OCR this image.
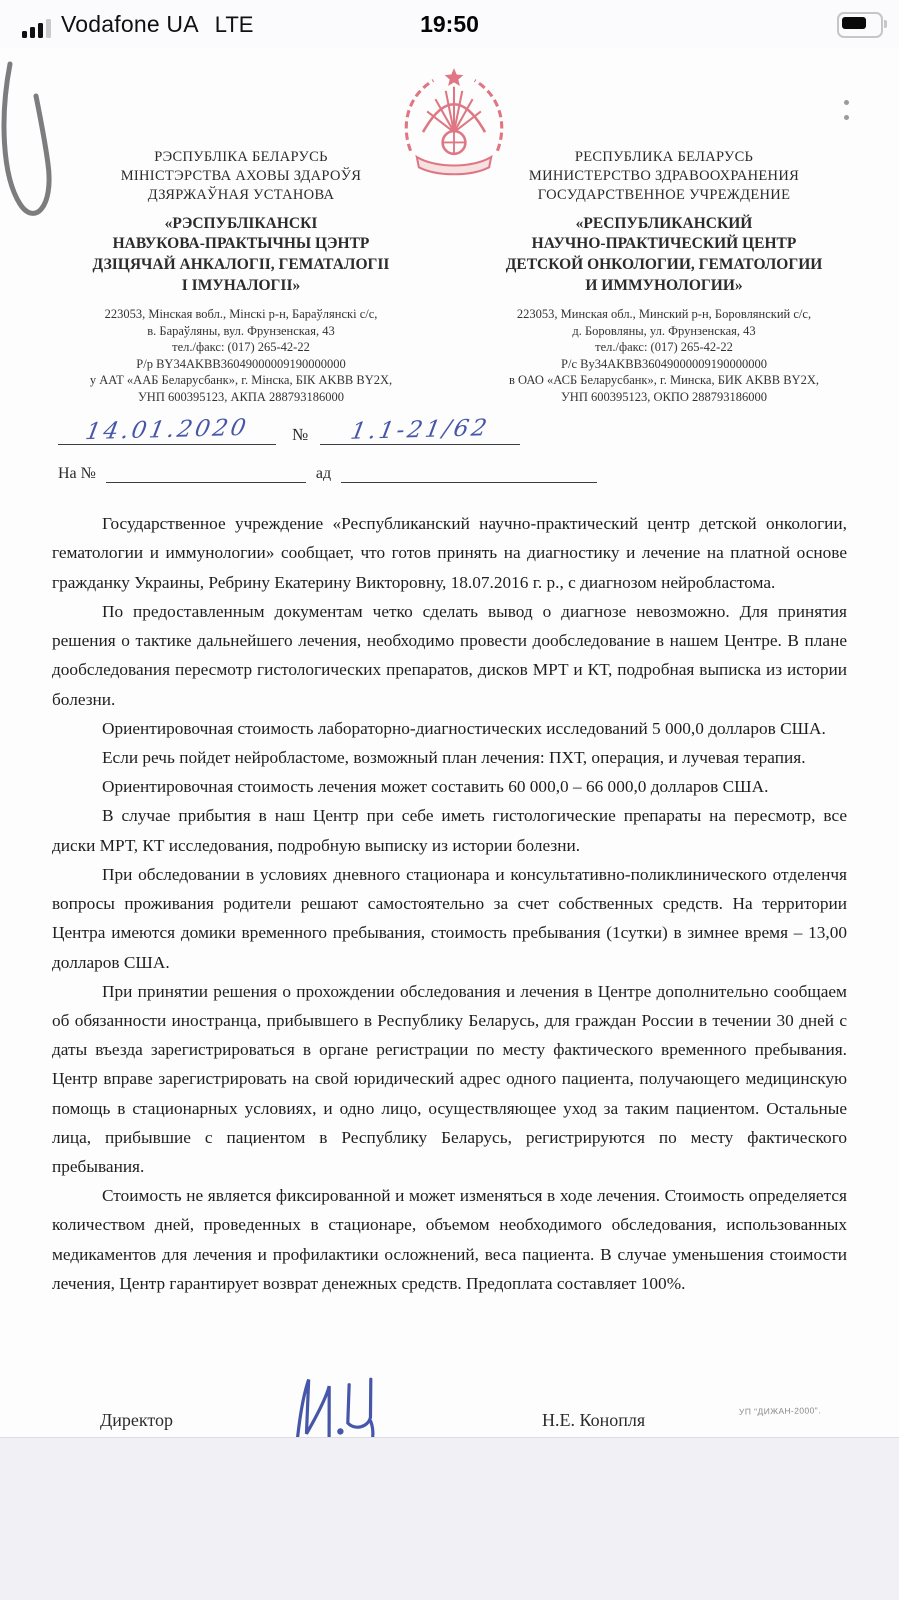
Vodafone UA LTE	19:50
РЭСПУБЛІКА БЕЛАРУСЬ
МІНІСТЭРСТВА АХОВЫ ЗДАРОЎЯ
ДЗЯРЖАЎНАЯ УСТАНОВА
«РЭСПУБЛІКАНСКІ
НАВУКОВА-ПРАКТЫЧНЫ ЦЭНТР
ДЗІЦЯЧАЙ АНКАЛОГІІ, ГЕМАТАЛОГІІ
І ІМУНАЛОГІІ»
223053, Мінская вобл., Мінскі р-н, Бараўлянскі с/с,
в. Бараўляны, вул. Фрунзенская, 43
тел./факс: (017) 265-42-22
Р/р BY34AKBB36049000009190000000
у ААТ «ААБ Беларусбанк», г. Мінска, БІК AKBB BY2X,
УНП 600395123, АКПА 288793186000
РЕСПУБЛИКА БЕЛАРУСЬ
МИНИСТЕРСТВО ЗДРАВООХРАНЕНИЯ
ГОСУДАРСТВЕННОЕ УЧРЕЖДЕНИЕ
«РЕСПУБЛИКАНСКИЙ
НАУЧНО-ПРАКТИЧЕСКИЙ ЦЕНТР
ДЕТСКОЙ ОНКОЛОГИИ, ГЕМАТОЛОГИИ
И ИММУНОЛОГИИ»
223053, Минская обл., Минский р-н, Боровлянский с/с,
д. Боровляны, ул. Фрунзенская, 43
тел./факс: (017) 265-42-22
Р/с By34AKBB36049000009190000000
в ОАО «АСБ Беларусбанк», г. Минска, БИК AKBB BY2X,
УНП 600395123, ОКПО 288793186000
14.01.2020	№	1.1-21/62
На №	ад

Государственное учреждение «Республиканский научно-практический центр детской онкологии, гематологии и иммунологии» сообщает, что готов принять на диагностику и лечение на платной основе гражданку Украины, Ребрину Екатерину Викторовну, 18.07.2016 г. р., с диагнозом нейробластома.

По предоставленным документам четко сделать вывод о диагнозе невозможно. Для принятия решения о тактике дальнейшего лечения, необходимо провести дообследование в нашем Центре. В плане дообследования пересмотр гистологических препаратов, дисков МРТ и КТ, подробная выписка из истории болезни.

Ориентировочная стоимость лабораторно-диагностических исследований 5 000,0 долларов США.

Если речь пойдет нейробластоме, возможный план лечения: ПХТ, операция, и лучевая терапия.

Ориентировочная стоимость лечения может составить 60 000,0 – 66 000,0 долларов США.

В случае прибытия в наш Центр при себе иметь гистологические препараты на пересмотр, все диски МРТ, КТ исследования, подробную выписку из истории болезни.

При обследовании в условиях дневного стационара и консультативно-поликлинического отделенчя вопросы проживания родители решают самостоятельно за счет собственных средств. На территории Центра имеются домики временного пребывания, стоимость пребывания (1сутки) в зимнее время – 13,00 долларов США.

При принятии решения о прохождении обследования и лечения в Центре дополнительно сообщаем об обязанности иностранца, прибывшего в Республику Беларусь, для граждан России в течении 30 дней с даты въезда зарегистрироваться в органе регистрации по месту фактического временного пребывания. Центр вправе зарегистрировать на свой юридический адрес одного пациента, получающего медицинскую помощь в стационарных условиях, и одно лицо, осуществляющее уход за таким пациентом. Остальные лица, прибывшие с пациентом в Республику Беларусь, регистрируются по месту фактического пребывания.

Стоимость не является фиксированной и может изменяться в ходе лечения. Стоимость определяется количеством дней, проведенных в стационаре, объемом необходимого обследования, использованных медикаментов для лечения и профилактики осложнений, веса пациента. В случае уменьшения стоимости лечения, Центр гарантирует возврат денежных средств. Предоплата составляет 100%.

Директор	Н.Е. Конопля	УП "ДИЖАН-2000".
